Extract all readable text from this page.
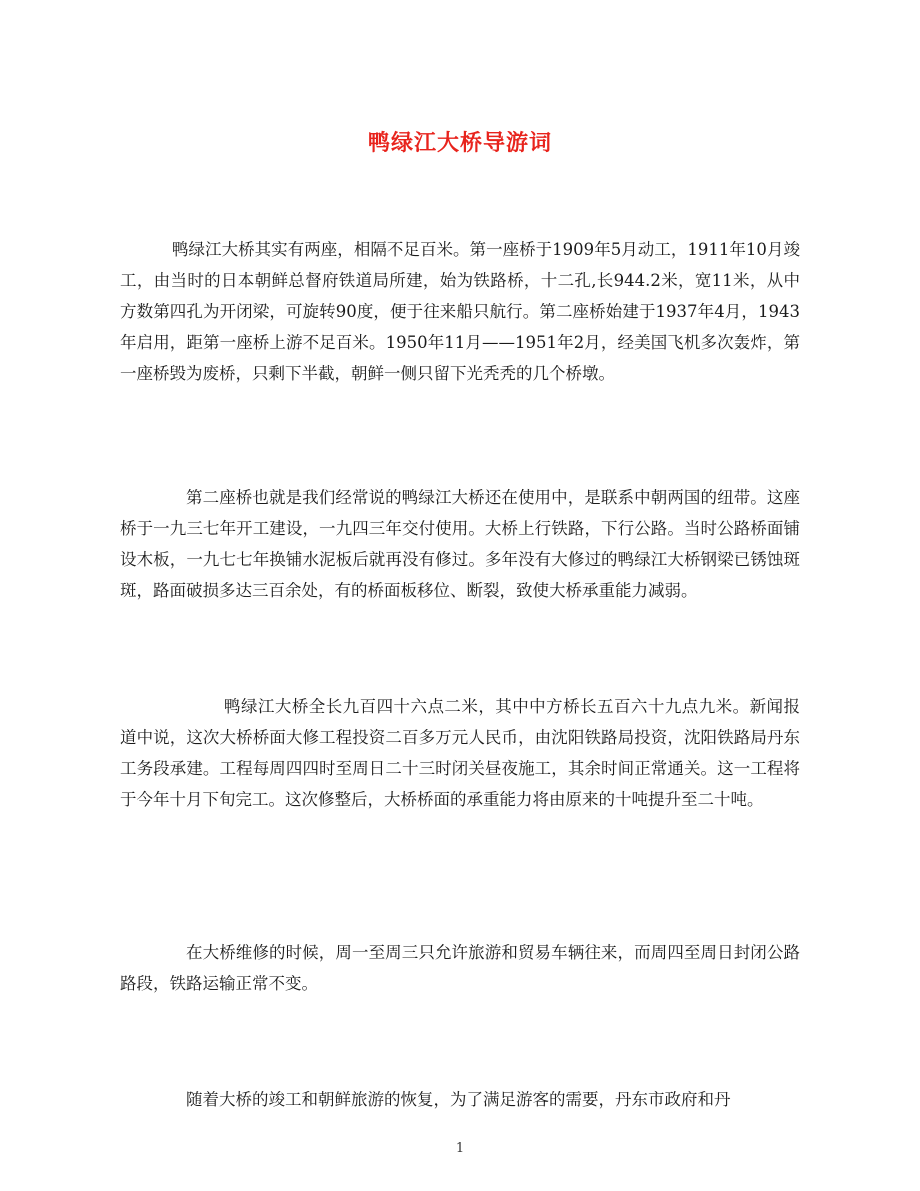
鸭绿江大桥导游词

鸭绿江大桥其实有两座，相隔不足百米。第一座桥于1909年5月动工，1911年10月竣工，由当时的日本朝鲜总督府铁道局所建，始为铁路桥，十二孔,长944.2米，宽11米，从中方数第四孔为开闭梁，可旋转90度，便于往来船只航行。第二座桥始建于1937年4月，1943年启用，距第一座桥上游不足百米。1950年11月——1951年2月，经美国飞机多次轰炸，第一座桥毁为废桥，只剩下半截，朝鲜一侧只留下光秃秃的几个桥墩。

第二座桥也就是我们经常说的鸭绿江大桥还在使用中，是联系中朝两国的纽带。这座桥于一九三七年开工建设，一九四三年交付使用。大桥上行铁路，下行公路。当时公路桥面铺设木板，一九七七年换铺水泥板后就再没有修过。多年没有大修过的鸭绿江大桥钢梁已锈蚀斑斑，路面破损多达三百余处，有的桥面板移位、断裂，致使大桥承重能力减弱。

鸭绿江大桥全长九百四十六点二米，其中中方桥长五百六十九点九米。新闻报道中说，这次大桥桥面大修工程投资二百多万元人民币，由沈阳铁路局投资，沈阳铁路局丹东工务段承建。工程每周四四时至周日二十三时闭关昼夜施工，其余时间正常通关。这一工程将于今年十月下旬完工。这次修整后，大桥桥面的承重能力将由原来的十吨提升至二十吨。

在大桥维修的时候，周一至周三只允许旅游和贸易车辆往来，而周四至周日封闭公路路段，铁路运输正常不变。

随着大桥的竣工和朝鲜旅游的恢复，为了满足游客的需要，丹东市政府和丹

1
